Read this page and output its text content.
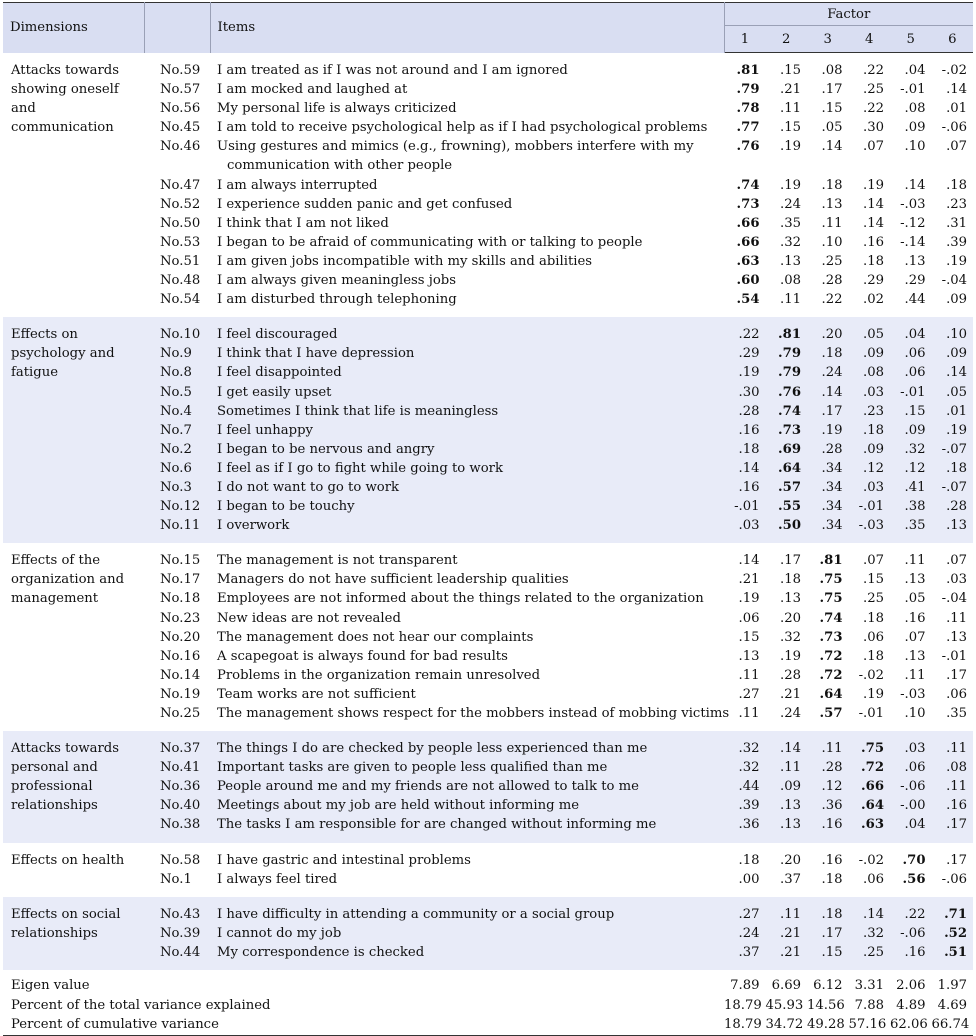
Dimensions		Items	Factor					
			1	2	3	4	5	6

Attacks towards
showing oneself
and
communication	No.59	I am treated as if I was not around and I am ignored	.81	.15	.08	.22	.04	-.02
	No.57	I am mocked and laughed at	.79	.21	.17	.25	-.01	.14
	No.56	My personal life is always criticized	.78	.11	.15	.22	.08	.01
	No.45	I am told to receive psychological help as if I had psychological problems	.77	.15	.05	.30	.09	-.06
	No.46	Using gestures and mimics (e.g., frowning), mobbers interfere with my
communication with other people	.76	.19	.14	.07	.10	.07
	No.47	I am always interrupted	.74	.19	.18	.19	.14	.18
	No.52	I experience sudden panic and get confused	.73	.24	.13	.14	-.03	.23
	No.50	I think that I am not liked	.66	.35	.11	.14	-.12	.31
	No.53	I began to be afraid of communicating with or talking to people	.66	.32	.10	.16	-.14	.39
	No.51	I am given jobs incompatible with my skills and abilities	.63	.13	.25	.18	.13	.19
	No.48	I am always given meaningless jobs	.60	.08	.28	.29	.29	-.04
	No.54	I am disturbed through telephoning	.54	.11	.22	.02	.44	.09

Effects on
psychology and
fatigue	No.10	I feel discouraged	.22	.81	.20	.05	.04	.10
	No.9	I think that I have depression	.29	.79	.18	.09	.06	.09
	No.8	I feel disappointed	.19	.79	.24	.08	.06	.14
	No.5	I get easily upset	.30	.76	.14	.03	-.01	.05
	No.4	Sometimes I think that life is meaningless	.28	.74	.17	.23	.15	.01
	No.7	I feel unhappy	.16	.73	.19	.18	.09	.19
	No.2	I began to be nervous and angry	.18	.69	.28	.09	.32	-.07
	No.6	I feel as if I go to fight while going to work	.14	.64	.34	.12	.12	.18
	No.3	I do not want to go to work	.16	.57	.34	.03	.41	-.07
	No.12	I began to be touchy	-.01	.55	.34	-.01	.38	.28
	No.11	I overwork	.03	.50	.34	-.03	.35	.13

Effects of the
organization and
management	No.15	The management is not transparent	.14	.17	.81	.07	.11	.07
	No.17	Managers do not have sufficient leadership qualities	.21	.18	.75	.15	.13	.03
	No.18	Employees are not informed about the things related to the organization	.19	.13	.75	.25	.05	-.04
	No.23	New ideas are not revealed	.06	.20	.74	.18	.16	.11
	No.20	The management does not hear our complaints	.15	.32	.73	.06	.07	.13
	No.16	A scapegoat is always found for bad results	.13	.19	.72	.18	.13	-.01
	No.14	Problems in the organization remain unresolved	.11	.28	.72	-.02	.11	.17
	No.19	Team works are not sufficient	.27	.21	.64	.19	-.03	.06
	No.25	The management shows respect for the mobbers instead of mobbing victims	.11	.24	.57	-.01	.10	.35

Attacks towards
personal and
professional
relationships	No.37	The things I do are checked by people less experienced than me	.32	.14	.11	.75	.03	.11
	No.41	Important tasks are given to people less qualified than me	.32	.11	.28	.72	.06	.08
	No.36	People around me and my friends are not allowed to talk to me	.44	.09	.12	.66	-.06	.11
	No.40	Meetings about my job are held without informing me	.39	.13	.36	.64	-.00	.16
	No.38	The tasks I am responsible for are changed without informing me	.36	.13	.16	.63	.04	.17

Effects on health	No.58	I have gastric and intestinal problems	.18	.20	.16	-.02	.70	.17
	No.1	I always feel tired	.00	.37	.18	.06	.56	-.06

Effects on social
relationships	No.43	I have difficulty in attending a community or a social group	.27	.11	.18	.14	.22	.71
	No.39	I cannot do my job	.24	.21	.17	.32	-.06	.52
	No.44	My correspondence is checked	.37	.21	.15	.25	.16	.51
Eigen value			7.89	6.69	6.12	3.31	2.06	1.97
Percent of the total variance explained			18.79	45.93	14.56	7.88	4.89	4.69
Percent of cumulative variance			18.79	34.72	49.28	57.16	62.06	66.74
